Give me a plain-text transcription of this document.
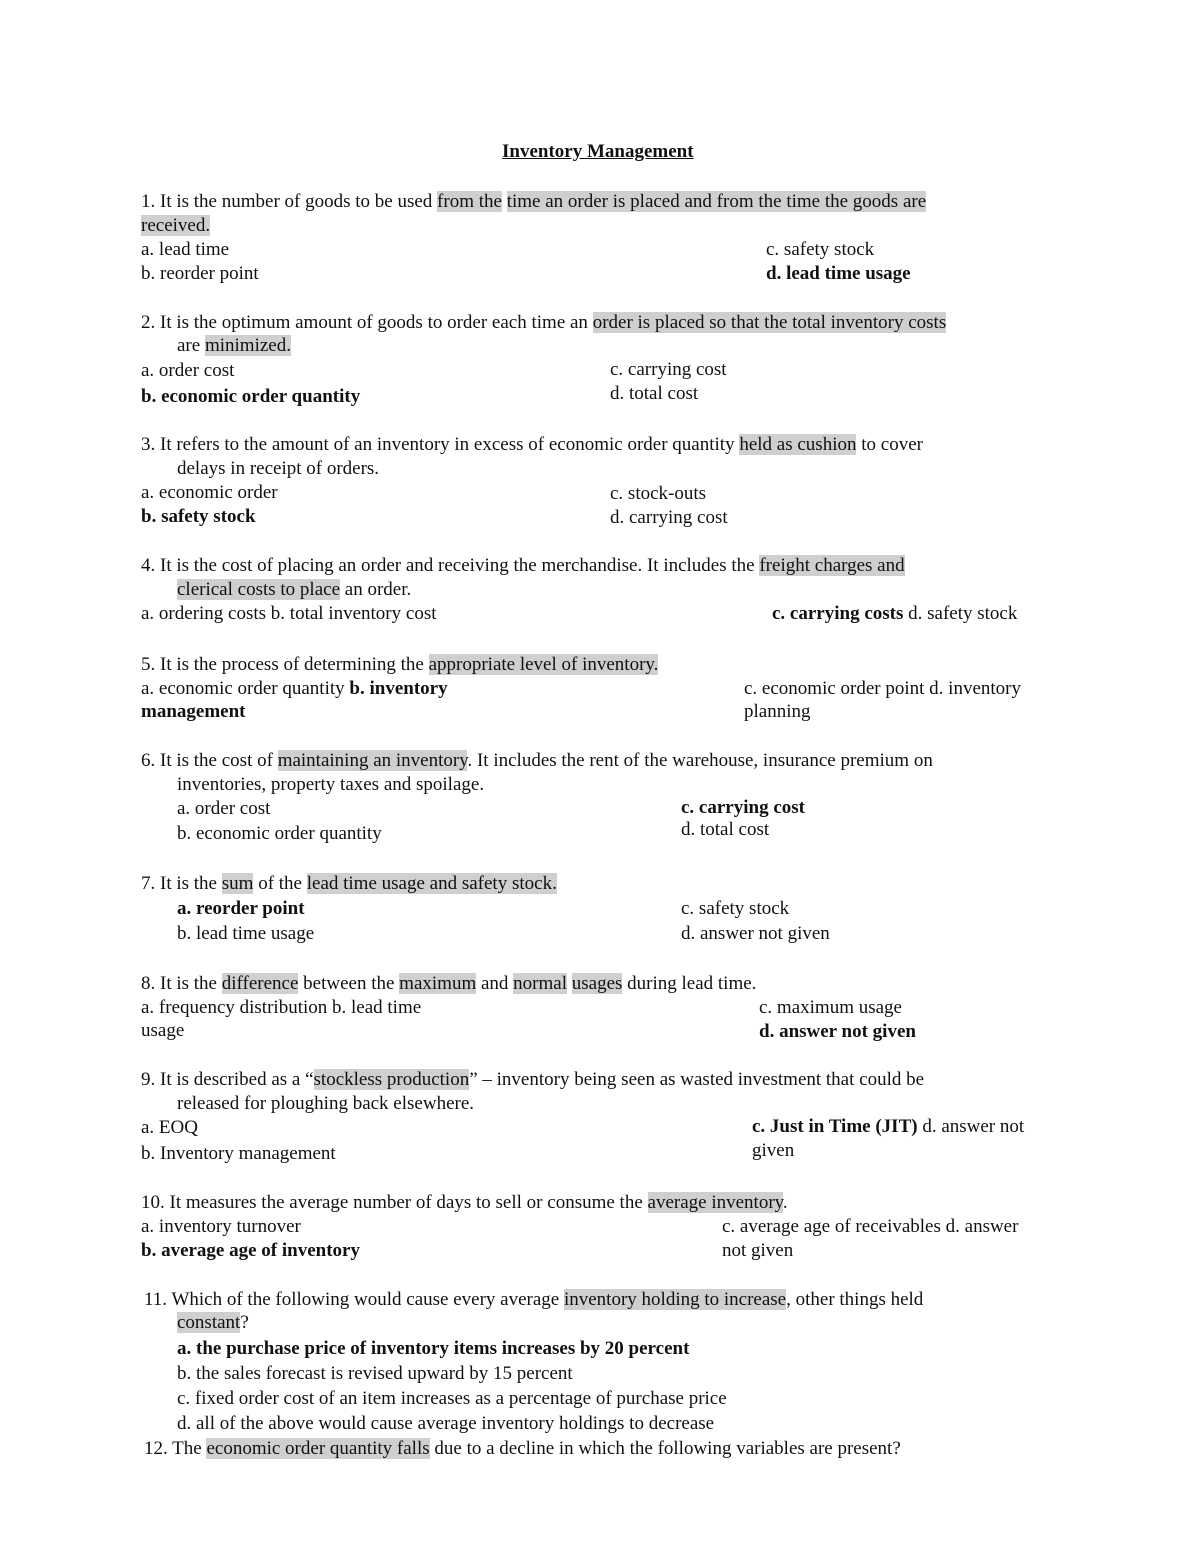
Inventory Management
1. It is the number of goods to be used from the time an order is placed and from the time the goods are
received.
a. lead time
b. reorder point
c. safety stock
d. lead time usage
2. It is the optimum amount of goods to order each time an order is placed so that the total inventory costs
are minimized.
a. order cost
b. economic order quantity
c. carrying cost
d. total cost
3. It refers to the amount of an inventory in excess of economic order quantity held as cushion to cover
delays in receipt of orders.
a. economic order
b. safety stock
c. stock-outs
d. carrying cost
4. It is the cost of placing an order and receiving the merchandise. It includes the freight charges and
clerical costs to place an order.
a. ordering costs b. total inventory cost	c. carrying costs d. safety stock
5. It is the process of determining the appropriate level of inventory.
a. economic order quantity b. inventory
management
c. economic order point d. inventory
planning
6. It is the cost of maintaining an inventory. It includes the rent of the warehouse, insurance premium on
inventories, property taxes and spoilage.
a. order cost
b. economic order quantity
c. carrying cost
d. total cost
7. It is the sum of the lead time usage and safety stock.
a. reorder point
b. lead time usage
c. safety stock
d. answer not given
8. It is the difference between the maximum and normal usages during lead time.
a. frequency distribution b. lead time
usage
c. maximum usage
d. answer not given
9. It is described as a “stockless production” – inventory being seen as wasted investment that could be
released for ploughing back elsewhere.
a. EOQ
b. Inventory management
c. Just in Time (JIT) d. answer not
given
10. It measures the average number of days to sell or consume the average inventory.
a. inventory turnover
b. average age of inventory
c. average age of receivables d. answer
not given
11. Which of the following would cause every average inventory holding to increase, other things held
constant?
a. the purchase price of inventory items increases by 20 percent
b. the sales forecast is revised upward by 15 percent
c. fixed order cost of an item increases as a percentage of purchase price
d. all of the above would cause average inventory holdings to decrease
12. The economic order quantity falls due to a decline in which the following variables are present?
